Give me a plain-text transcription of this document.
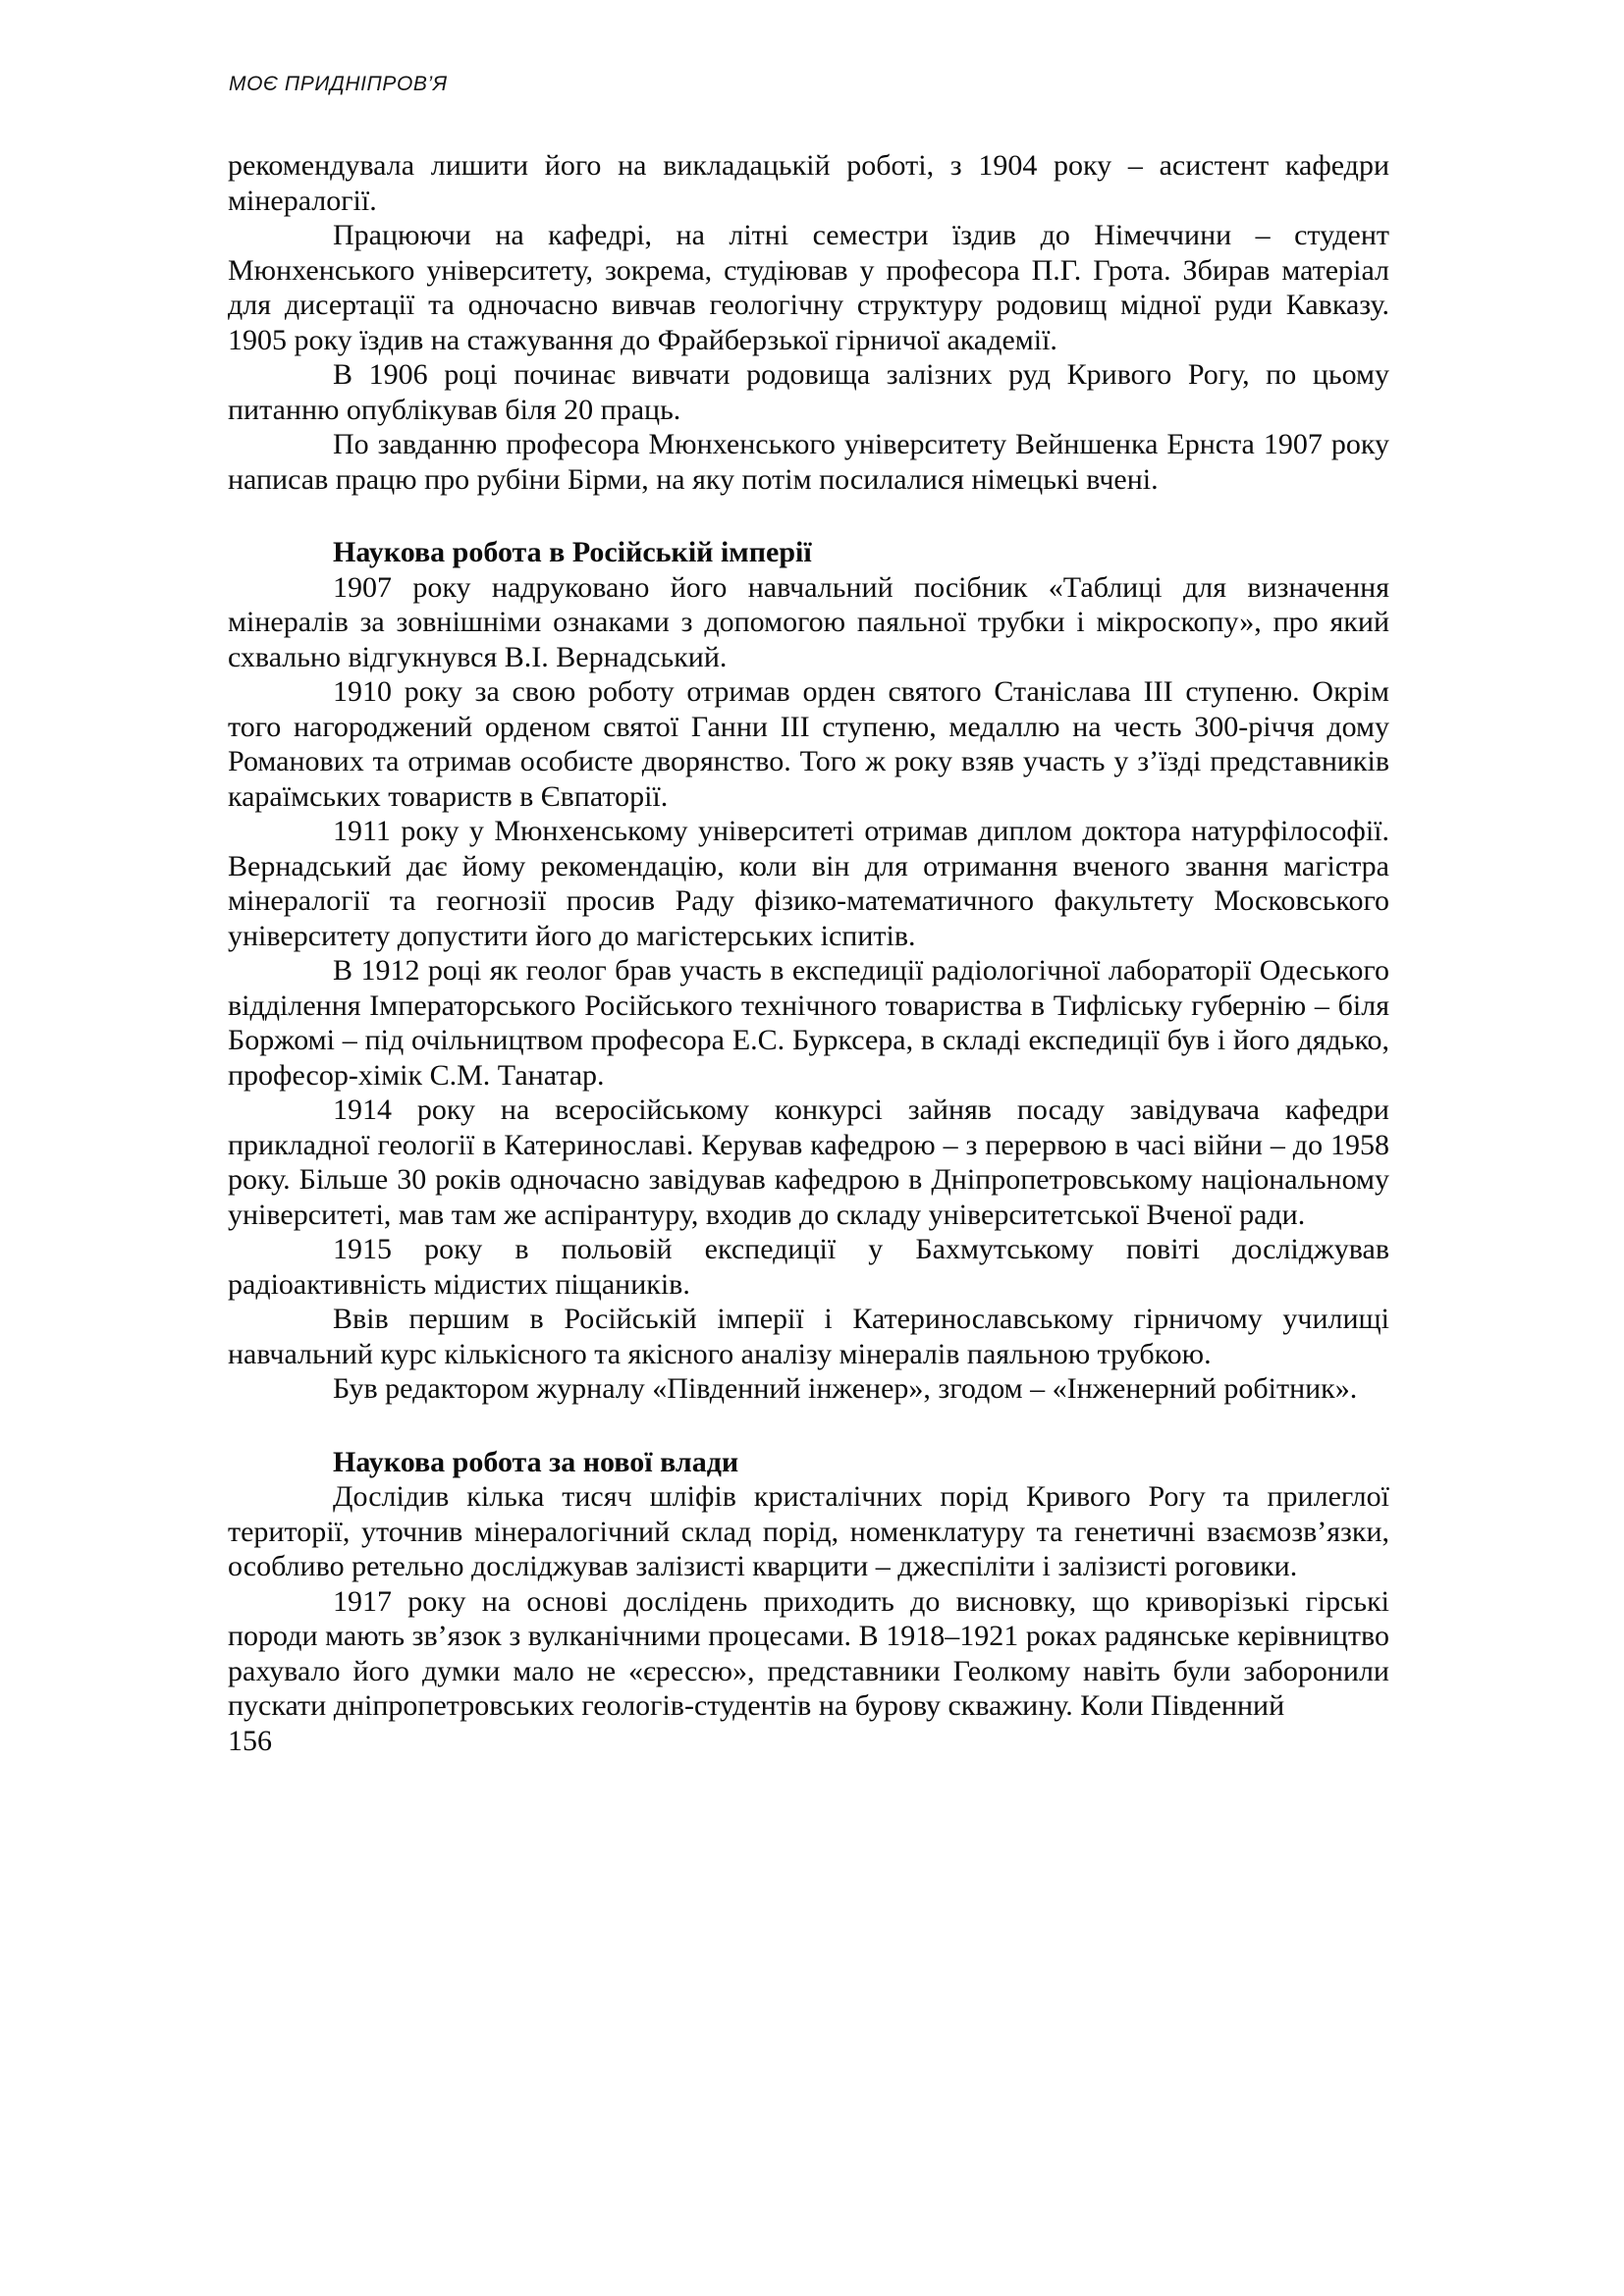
МОЄ ПРИДНІПРОВ’Я

рекомендувала лишити його на викладацькій роботі, з 1904 року – асистент кафедри мінералогії.

Працюючи на кафедрі, на літні семестри їздив до Німеччини – студент Мюнхенського університету, зокрема, студіював у професора П.Г. Грота. Збирав матеріал для дисертації та одночасно вивчав геологічну структуру родовищ мідної руди Кавказу. 1905 року їздив на стажування до Фрайберзької гірничої академії.

В 1906 році починає вивчати родовища залізних руд Кривого Рогу, по цьому питанню опублікував біля 20 праць.

По завданню професора Мюнхенського університету Вейншенка Ернста 1907 року написав працю про рубіни Бірми, на яку потім посилалися німецькі вчені.

Наукова робота в Російській імперії

1907 року надруковано його навчальний посібник «Таблиці для визначення мінералів за зовнішніми ознаками з допомогою паяльної трубки і мікроскопу», про який схвально відгукнувся В.І. Вернадський.

1910 року за свою роботу отримав орден святого Станіслава III ступеню. Окрім того нагороджений орденом святої Ганни III ступеню, медаллю на честь 300-річчя дому Романових та отримав особисте дворянство. Того ж року взяв участь у з’їзді представників караїмських товариств в Євпаторії.

1911 року у Мюнхенському університеті отримав диплом доктора натурфілософії. Вернадський дає йому рекомендацію, коли він для отримання вченого звання магістра мінералогії та геогнозії просив Раду фізико-математичного факультету Московського університету допустити його до магістерських іспитів.

В 1912 році як геолог брав участь в експедиції радіологічної лабораторії Одеського відділення Імператорського Російського технічного товариства в Тифліську губернію – біля Боржомі – під очільництвом професора Е.С. Бурксера, в складі експедиції був і його дядько, професор-хімік С.М. Танатар.

1914 року на всеросійському конкурсі зайняв посаду завідувача кафедри прикладної геології в Катеринославі. Керував кафедрою – з перервою в часі війни – до 1958 року. Більше 30 років одночасно завідував кафедрою в Дніпропетровському національному університеті, мав там же аспірантуру, входив до складу університетської Вченої ради.

1915 року в польовій експедиції у Бахмутському повіті досліджував радіоактивність мідистих піщаників.

Ввів першим в Російській імперії і Катеринославському гірничому училищі навчальний курс кількісного та якісного аналізу мінералів паяльною трубкою.

Був редактором журналу «Південний інженер», згодом – «Інженерний робітник».

Наукова робота за нової влади

Дослідив кілька тисяч шліфів кристалічних порід Кривого Рогу та прилеглої території, уточнив мінералогічний склад порід, номенклатуру та генетичні взаємозв’язки, особливо ретельно досліджував залізисті кварцити – джеспіліти і залізисті роговики.

1917 року на основі дослідень приходить до висновку, що криворізькі гірські породи мають зв’язок з вулканічними процесами. В 1918–1921 роках радянське керівництво рахувало його думки мало не «єрессю», представники Геолкому навіть були заборонили пускати дніпропетровських геологів-студентів на бурову скважину. Коли Південний

156
